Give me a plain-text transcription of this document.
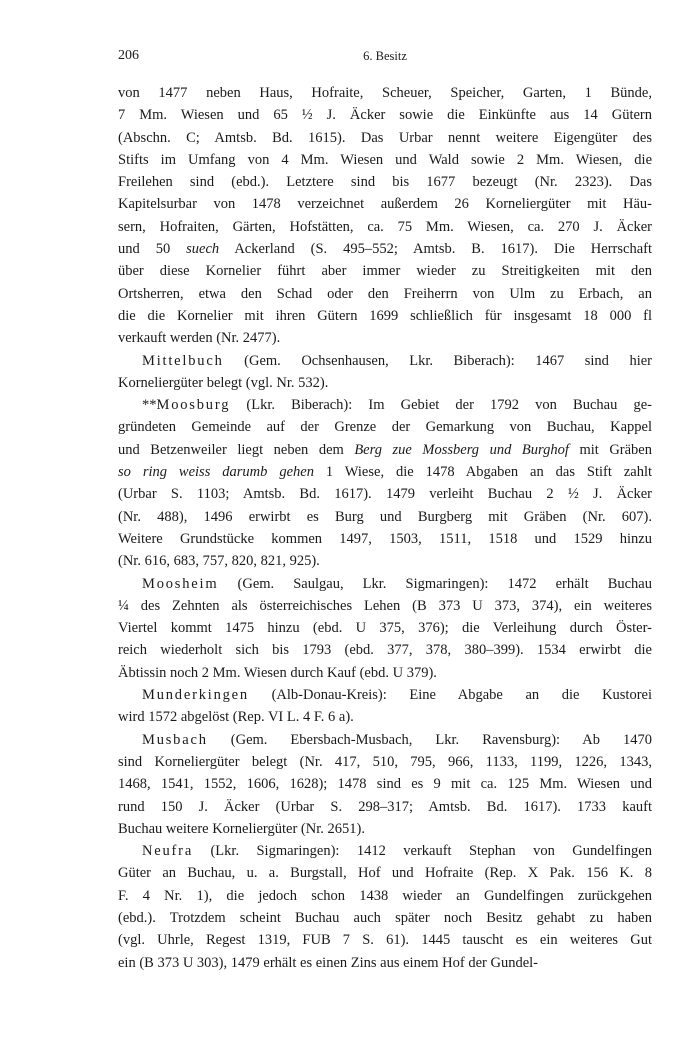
206	6. Besitz
von 1477 neben Haus, Hofraite, Scheuer, Speicher, Garten, 1 Bünde,
7 Mm. Wiesen und 65 ½ J. Äcker sowie die Einkünfte aus 14 Gütern
(Abschn. C; Amtsb. Bd. 1615). Das Urbar nennt weitere Eigengüter des
Stifts im Umfang von 4 Mm. Wiesen und Wald sowie 2 Mm. Wiesen, die
Freilehen sind (ebd.). Letztere sind bis 1677 bezeugt (Nr. 2323). Das
Kapitelsurbar von 1478 verzeichnet außerdem 26 Korneliergüter mit Häu-
sern, Hofraiten, Gärten, Hofstätten, ca. 75 Mm. Wiesen, ca. 270 J. Äcker
und 50 suech Ackerland (S. 495–552; Amtsb. B. 1617). Die Herrschaft
über diese Kornelier führt aber immer wieder zu Streitigkeiten mit den
Ortsherren, etwa den Schad oder den Freiherrn von Ulm zu Erbach, an
die die Kornelier mit ihren Gütern 1699 schließlich für insgesamt 18 000 fl
verkauft werden (Nr. 2477).
Mittelbuch (Gem. Ochsenhausen, Lkr. Biberach): 1467 sind hier
Korneliergüter belegt (vgl. Nr. 532).
**Moosburg (Lkr. Biberach): Im Gebiet der 1792 von Buchau ge-
gründeten Gemeinde auf der Grenze der Gemarkung von Buchau, Kappel
und Betzenweiler liegt neben dem Berg zue Mossberg und Burghof mit Gräben
so ring weiss darumb gehen 1 Wiese, die 1478 Abgaben an das Stift zahlt
(Urbar S. 1103; Amtsb. Bd. 1617). 1479 verleiht Buchau 2 ½ J. Äcker
(Nr. 488), 1496 erwirbt es Burg und Burgberg mit Gräben (Nr. 607).
Weitere Grundstücke kommen 1497, 1503, 1511, 1518 und 1529 hinzu
(Nr. 616, 683, 757, 820, 821, 925).
Moosheim (Gem. Saulgau, Lkr. Sigmaringen): 1472 erhält Buchau
¼ des Zehnten als österreichisches Lehen (B 373 U 373, 374), ein weiteres
Viertel kommt 1475 hinzu (ebd. U 375, 376); die Verleihung durch Öster-
reich wiederholt sich bis 1793 (ebd. 377, 378, 380–399). 1534 erwirbt die
Äbtissin noch 2 Mm. Wiesen durch Kauf (ebd. U 379).
Munderkingen (Alb-Donau-Kreis): Eine Abgabe an die Kustorei
wird 1572 abgelöst (Rep. VI L. 4 F. 6 a).
Musbach (Gem. Ebersbach-Musbach, Lkr. Ravensburg): Ab 1470
sind Korneliergüter belegt (Nr. 417, 510, 795, 966, 1133, 1199, 1226, 1343,
1468, 1541, 1552, 1606, 1628); 1478 sind es 9 mit ca. 125 Mm. Wiesen und
rund 150 J. Äcker (Urbar S. 298–317; Amtsb. Bd. 1617). 1733 kauft
Buchau weitere Korneliergüter (Nr. 2651).
Neufra (Lkr. Sigmaringen): 1412 verkauft Stephan von Gundelfingen
Güter an Buchau, u. a. Burgstall, Hof und Hofraite (Rep. X Pak. 156 K. 8
F. 4 Nr. 1), die jedoch schon 1438 wieder an Gundelfingen zurückgehen
(ebd.). Trotzdem scheint Buchau auch später noch Besitz gehabt zu haben
(vgl. Uhrle, Regest 1319, FUB 7 S. 61). 1445 tauscht es ein weiteres Gut
ein (B 373 U 303), 1479 erhält es einen Zins aus einem Hof der Gundel-
